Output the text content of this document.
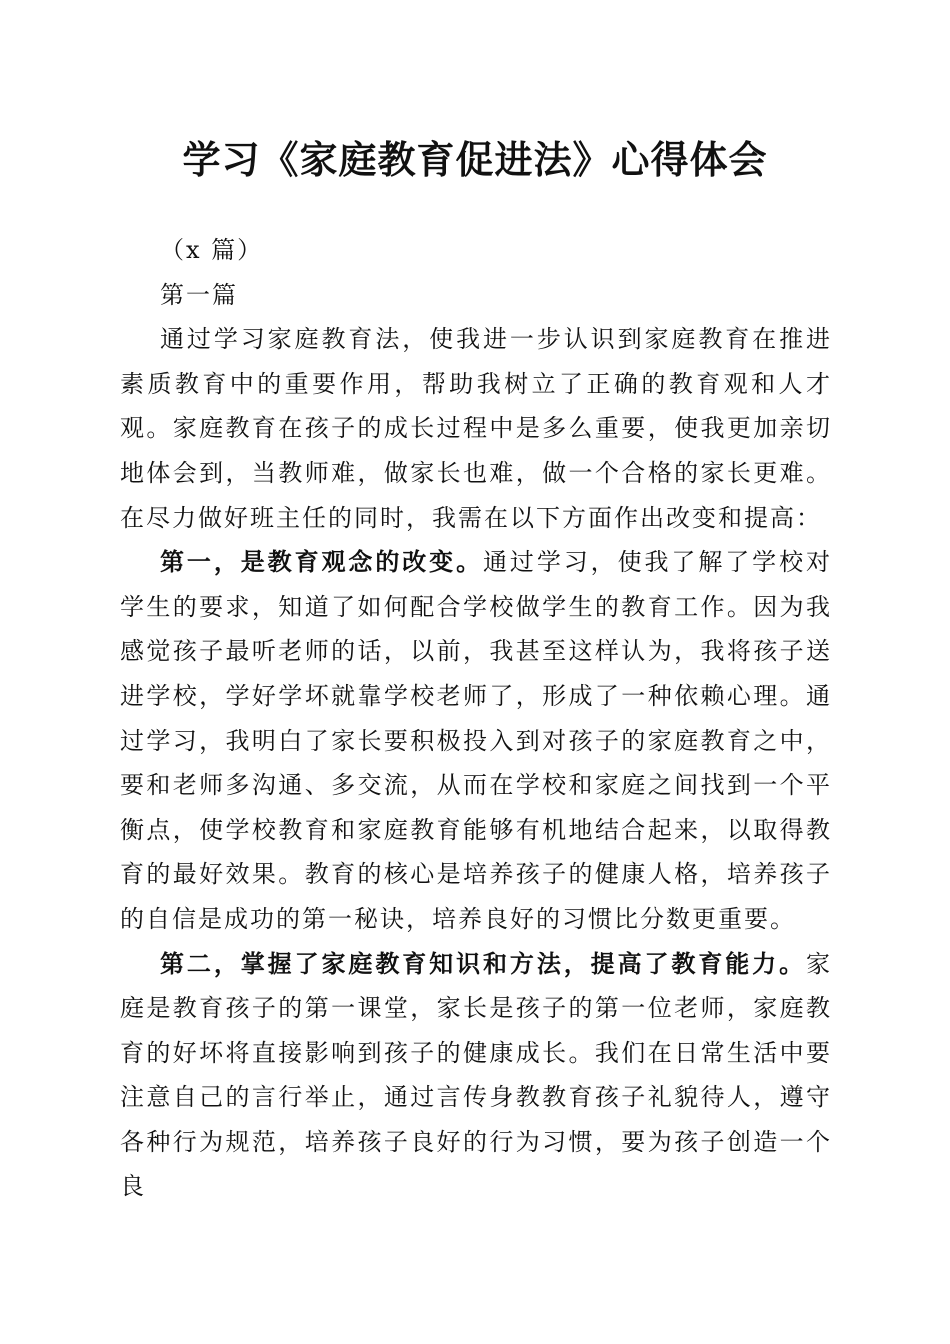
学习《家庭教育促进法》心得体会

（x 篇）

第一篇

通过学习家庭教育法，使我进一步认识到家庭教育在推进素质教育中的重要作用，帮助我树立了正确的教育观和人才观。家庭教育在孩子的成长过程中是多么重要，使我更加亲切地体会到，当教师难，做家长也难，做一个合格的家长更难。在尽力做好班主任的同时，我需在以下方面作出改变和提高：

第一，是教育观念的改变。通过学习，使我了解了学校对学生的要求，知道了如何配合学校做学生的教育工作。因为我感觉孩子最听老师的话，以前，我甚至这样认为，我将孩子送进学校，学好学坏就靠学校老师了，形成了一种依赖心理。通过学习，我明白了家长要积极投入到对孩子的家庭教育之中，要和老师多沟通、多交流，从而在学校和家庭之间找到一个平衡点，使学校教育和家庭教育能够有机地结合起来，以取得教育的最好效果。教育的核心是培养孩子的健康人格，培养孩子的自信是成功的第一秘诀，培养良好的习惯比分数更重要。

第二，掌握了家庭教育知识和方法，提高了教育能力。家庭是教育孩子的第一课堂，家长是孩子的第一位老师，家庭教育的好坏将直接影响到孩子的健康成长。我们在日常生活中要注意自己的言行举止，通过言传身教教育孩子礼貌待人，遵守各种行为规范，培养孩子良好的行为习惯，要为孩子创造一个良
